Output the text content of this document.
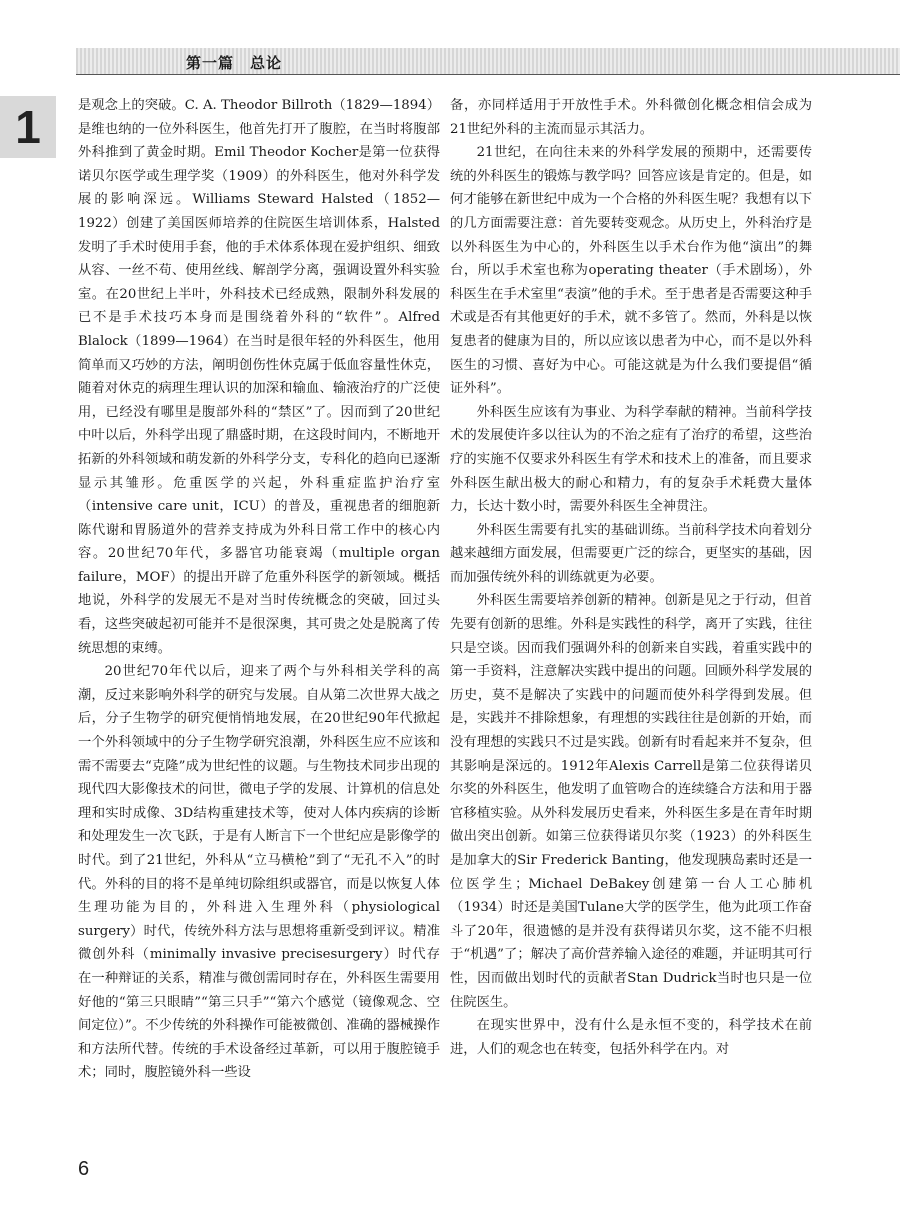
第一篇　总论
1	是观念上的突破。C. A. Theodor Billroth（1829—1894）是维也纳的一位外科医生，他首先打开了腹腔，在当时将腹部外科推到了黄金时期。Emil Theodor Kocher是第一位获得诺贝尔医学或生理学奖（1909）的外科医生，他对外科学发展的影响深远。Williams Steward Halsted（1852—1922）创建了美国医师培养的住院医生培训体系，Halsted发明了手术时使用手套，他的手术体系体现在爱护组织、细致从容、一丝不苟、使用丝线、解剖学分离，强调设置外科实验室。在20世纪上半叶，外科技术已经成熟，限制外科发展的已不是手术技巧本身而是围绕着外科的“软件”。Alfred Blalock（1899—1964）在当时是很年轻的外科医生，他用简单而又巧妙的方法，阐明创伤性休克属于低血容量性休克，随着对休克的病理生理认识的加深和输血、输液治疗的广泛使用，已经没有哪里是腹部外科的“禁区”了。因而到了20世纪中叶以后，外科学出现了鼎盛时期，在这段时间内，不断地开拓新的外科领域和萌发新的外科学分支，专科化的趋向已逐渐显示其雏形。危重医学的兴起，外科重症监护治疗室（intensive care unit，ICU）的普及，重视患者的细胞新陈代谢和胃肠道外的营养支持成为外科日常工作中的核心内容。20世纪70年代，多器官功能衰竭（multiple organ failure，MOF）的提出开辟了危重外科医学的新领域。概括地说，外科学的发展无不是对当时传统概念的突破，回过头看，这些突破起初可能并不是很深奥，其可贵之处是脱离了传统思想的束缚。

20世纪70年代以后，迎来了两个与外科相关学科的高潮，反过来影响外科学的研究与发展。自从第二次世界大战之后，分子生物学的研究便悄悄地发展，在20世纪90年代掀起一个外科领域中的分子生物学研究浪潮，外科医生应不应该和需不需要去“克隆”成为世纪性的议题。与生物技术同步出现的现代四大影像技术的问世，微电子学的发展、计算机的信息处理和实时成像、3D结构重建技术等，使对人体内疾病的诊断和处理发生一次飞跃，于是有人断言下一个世纪应是影像学的时代。到了21世纪，外科从“立马横枪”到了“无孔不入”的时代。外科的目的将不是单纯切除组织或器官，而是以恢复人体生理功能为目的，外科进入生理外科（physiological surgery）时代，传统外科方法与思想将重新受到评议。精准微创外科（minimally invasive precisesurgery）时代存在一种辩证的关系，精准与微创需同时存在，外科医生需要用好他的“第三只眼睛”“第三只手”“第六个感觉（镜像观念、空间定位）”。不少传统的外科操作可能被微创、准确的器械操作和方法所代替。传统的手术设备经过革新，可以用于腹腔镜手术；同时，腹腔镜外科一些设

备，亦同样适用于开放性手术。外科微创化概念相信会成为21世纪外科的主流而显示其活力。

21世纪，在向往未来的外科学发展的预期中，还需要传统的外科医生的锻炼与教学吗？回答应该是肯定的。但是，如何才能够在新世纪中成为一个合格的外科医生呢？我想有以下的几方面需要注意：首先要转变观念。从历史上，外科治疗是以外科医生为中心的，外科医生以手术台作为他“演出”的舞台，所以手术室也称为operating theater（手术剧场），外科医生在手术室里“表演”他的手术。至于患者是否需要这种手术或是否有其他更好的手术，就不多管了。然而，外科是以恢复患者的健康为目的，所以应该以患者为中心，而不是以外科医生的习惯、喜好为中心。可能这就是为什么我们要提倡“循证外科”。

外科医生应该有为事业、为科学奉献的精神。当前科学技术的发展使许多以往认为的不治之症有了治疗的希望，这些治疗的实施不仅要求外科医生有学术和技术上的准备，而且要求外科医生献出极大的耐心和精力，有的复杂手术耗费大量体力，长达十数小时，需要外科医生全神贯注。

外科医生需要有扎实的基础训练。当前科学技术向着划分越来越细方面发展，但需要更广泛的综合，更坚实的基础，因而加强传统外科的训练就更为必要。

外科医生需要培养创新的精神。创新是见之于行动，但首先要有创新的思维。外科是实践性的科学，离开了实践，往往只是空谈。因而我们强调外科的创新来自实践，着重实践中的第一手资料，注意解决实践中提出的问题。回顾外科学发展的历史，莫不是解决了实践中的问题而使外科学得到发展。但是，实践并不排除想象，有理想的实践往往是创新的开始，而没有理想的实践只不过是实践。创新有时看起来并不复杂，但其影响是深远的。1912年Alexis Carrell是第二位获得诺贝尔奖的外科医生，他发明了血管吻合的连续缝合方法和用于器官移植实验。从外科发展历史看来，外科医生多是在青年时期做出突出创新。如第三位获得诺贝尔奖（1923）的外科医生是加拿大的Sir Frederick Banting，他发现胰岛素时还是一位医学生；Michael DeBakey创建第一台人工心肺机（1934）时还是美国Tulane大学的医学生，他为此项工作奋斗了20年，很遗憾的是并没有获得诺贝尔奖，这不能不归根于“机遇”了；解决了高价营养输入途径的难题，并证明其可行性，因而做出划时代的贡献者Stan Dudrick当时也只是一位住院医生。

在现实世界中，没有什么是永恒不变的，科学技术在前进，人们的观念也在转变，包括外科学在内。对

6
